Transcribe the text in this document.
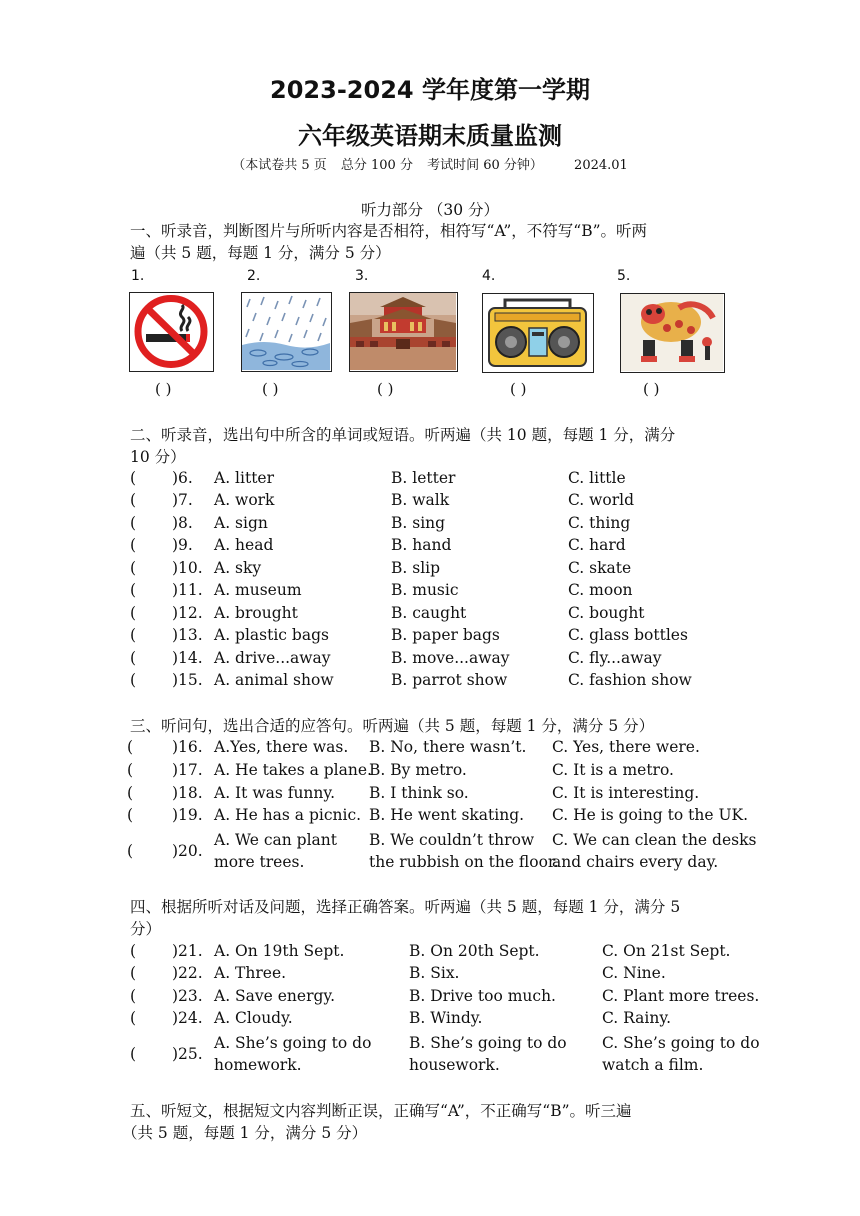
2023-2024 学年度第一学期
六年级英语期末质量监测
（本试卷共 5 页 总分 100 分 考试时间 60 分钟） 2024.01
听力部分 （30 分）
一、听录音，判断图片与所听内容是否相符，相符写“A”，不符写“B”。听两
遍（共 5 题，每题 1 分，满分 5 分）
1.	2.	3.	4.	5.
( )	( )	( )	( )	( )
二、听录音，选出句中所含的单词或短语。听两遍（共 10 题，每题 1 分，满分
10 分）
( )6. A. litter	B. letter	C. little
( )7. A. work	B. walk	C. world
( )8. A. sign	B. sing	C. thing
( )9. A. head	B. hand	C. hard
( )10. A. sky	B. slip	C. skate
( )11. A. museum	B. music	C. moon
( )12. A. brought	B. caught	C. bought
( )13. A. plastic bags	B. paper bags	C. glass bottles
( )14. A. drive...away	B. move...away	C. fly...away
( )15. A. animal show	B. parrot show	C. fashion show
三、听问句，选出合适的应答句。听两遍（共 5 题，每题 1 分，满分 5 分）
(	)16. A.Yes, there was. B. No, there wasn’t. C. Yes, there were.
(	)17. A. He takes a plane.
B. By metro.	C. It is a metro.
(	)18. A. It was funny. B. I think so.	C. It is interesting.
(	)19. A. He has a picnic. B. He went skating. C. He is going to the UK.
(	)20.
A. We can plant
more trees.
B. We couldn’t throw
the rubbish on the floor.
C. We can clean the desks
and chairs every day.
四、根据所听对话及问题，选择正确答案。听两遍（共 5 题，每题 1 分，满分 5
分）
( )21. A. On 19th Sept.	B. On 20th Sept.	C. On 21st Sept.
( )22. A. Three.	B. Six.	C. Nine.
( )23. A. Save energy.	B. Drive too much.	C. Plant more trees.
( )24. A. Cloudy.	B. Windy.	C. Rainy.
( )25.
A. She’s going to do
homework.
B. She’s going to do
housework.
C. She’s going to do
watch a film.
五、听短文，根据短文内容判断正误，正确写“A”，不正确写“B”。听三遍
（共 5 题，每题 1 分，满分 5 分）
